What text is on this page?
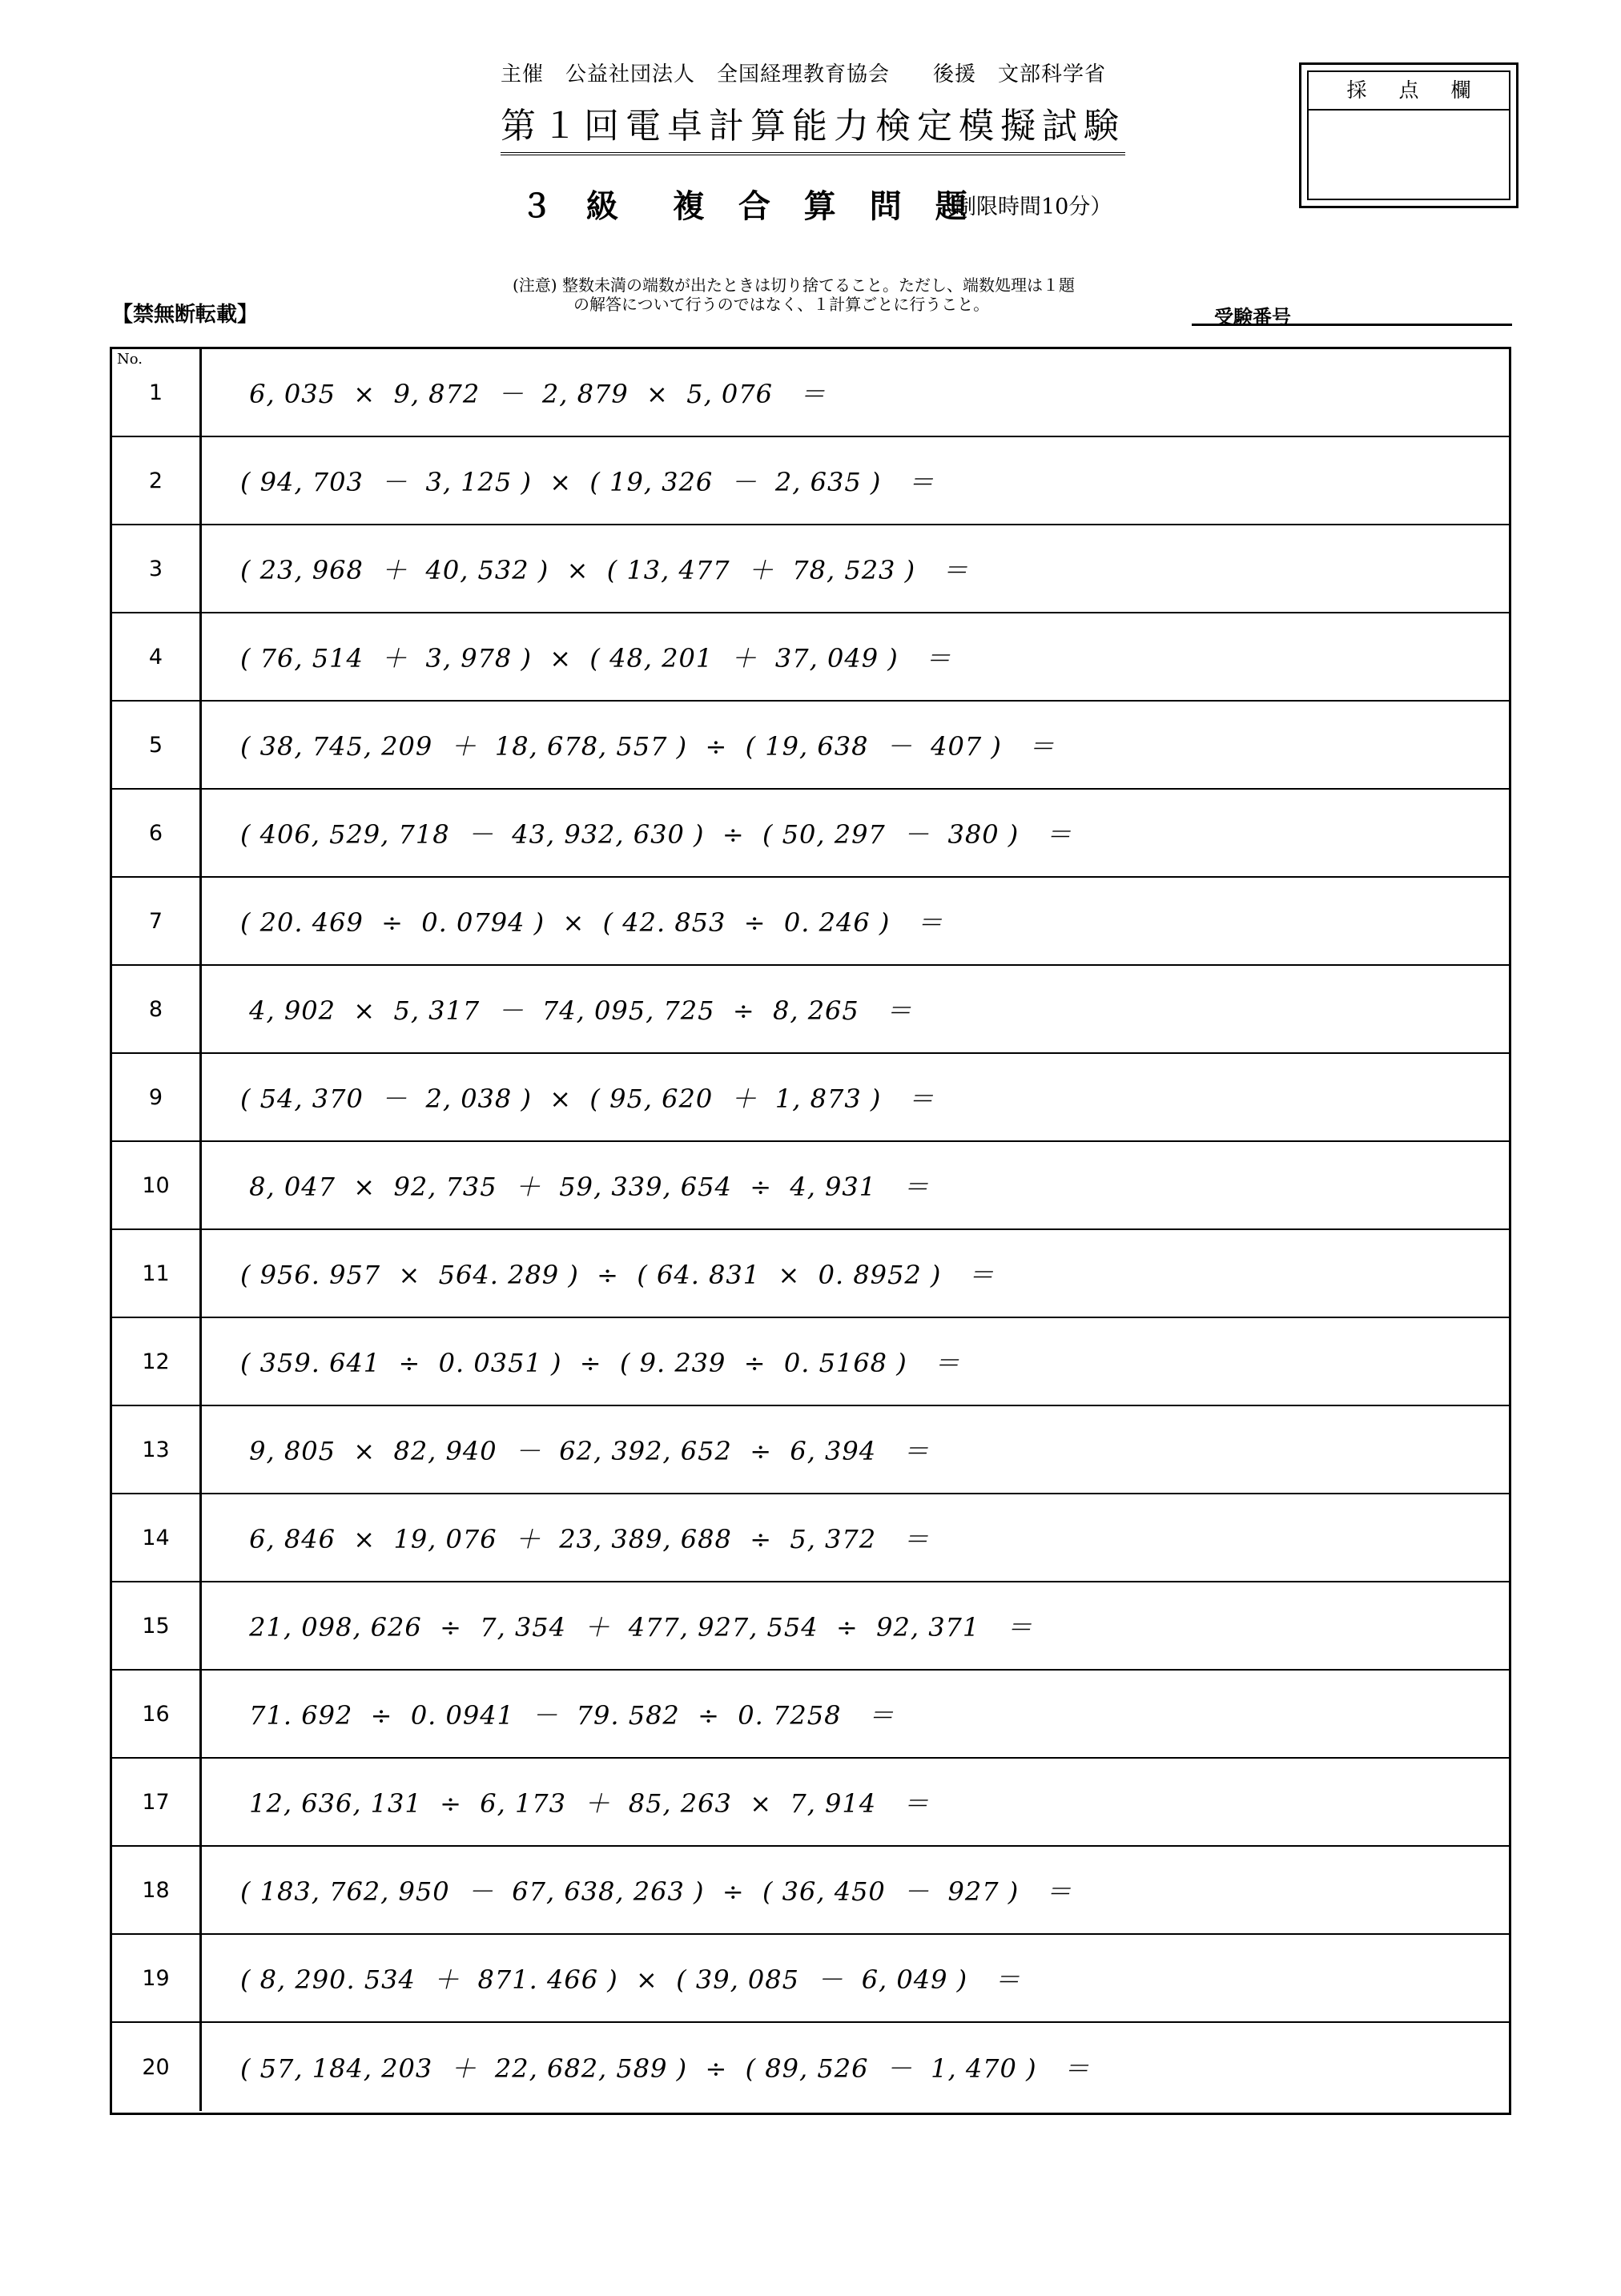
主催　公益社団法人　全国経理教育協会　　後援　文部科学省
第１回電卓計算能力検定模擬試験
３ 級　複 合 算 問 題
（制限時間10分）
採点欄
【禁無断転載】
(注意) 整数未満の端数が出たときは切り捨てること。ただし、端数処理は１題
の解答について行うのではなく、１計算ごとに行うこと。
受験番号
No.
1	6, 035  ×  9, 872  －  2, 879  ×  5, 076   ＝
2	( 94, 703  －  3, 125 )  ×  ( 19, 326  －  2, 635 )   ＝
3	( 23, 968  ＋  40, 532 )  ×  ( 13, 477  ＋  78, 523 )   ＝
4	( 76, 514  ＋  3, 978 )  ×  ( 48, 201  ＋  37, 049 )   ＝
5	( 38, 745, 209  ＋  18, 678, 557 )  ÷  ( 19, 638  －  407 )   ＝
6	( 406, 529, 718  －  43, 932, 630 )  ÷  ( 50, 297  －  380 )   ＝
7	( 20. 469  ÷  0. 0794 )  ×  ( 42. 853  ÷  0. 246 )   ＝
8	4, 902  ×  5, 317  －  74, 095, 725  ÷  8, 265   ＝
9	( 54, 370  －  2, 038 )  ×  ( 95, 620  ＋  1, 873 )   ＝
10	8, 047  ×  92, 735  ＋  59, 339, 654  ÷  4, 931   ＝
11	( 956. 957  ×  564. 289 )  ÷  ( 64. 831  ×  0. 8952 )   ＝
12	( 359. 641  ÷  0. 0351 )  ÷  ( 9. 239  ÷  0. 5168 )   ＝
13	9, 805  ×  82, 940  －  62, 392, 652  ÷  6, 394   ＝
14	6, 846  ×  19, 076  ＋  23, 389, 688  ÷  5, 372   ＝
15	21, 098, 626  ÷  7, 354  ＋  477, 927, 554  ÷  92, 371   ＝
16	71. 692  ÷  0. 0941  －  79. 582  ÷  0. 7258   ＝
17	12, 636, 131  ÷  6, 173  ＋  85, 263  ×  7, 914   ＝
18	( 183, 762, 950  －  67, 638, 263 )  ÷  ( 36, 450  －  927 )   ＝
19	( 8, 290. 534  ＋  871. 466 )  ×  ( 39, 085  －  6, 049 )   ＝
20	( 57, 184, 203  ＋  22, 682, 589 )  ÷  ( 89, 526  －  1, 470 )   ＝
